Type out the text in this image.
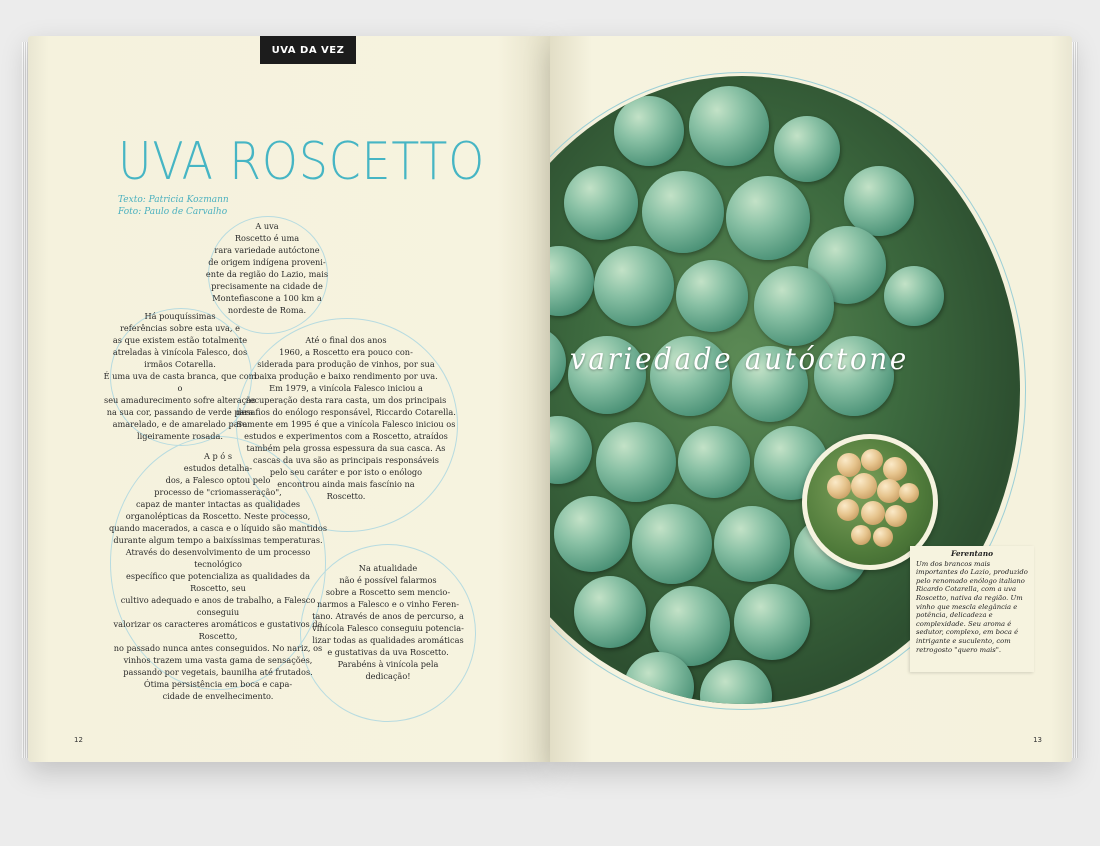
UVA DA VEZ
UVA ROSCETTO
Texto: Patricia Kozmann
Foto: Paulo de Carvalho
A uva
Roscetto é uma
rara variedade autóctone
de origem indígena proveni-
ente da região do Lazio, mais
precisamente na cidade de
Montefiascone a 100 km a
nordeste de Roma.
Há pouquíssimas
referências sobre esta uva, e
as que existem estão totalmente
atreladas à vinícola Falesco, dos
irmãos Cotarella.
É uma uva de casta branca, que com o
seu amadurecimento sofre alteração
na sua cor, passando de verde para
amarelado, e de amarelado para
ligeiramente rosada.
Até o final dos anos
1960, a Roscetto era pouco con-
siderada para produção de vinhos, por sua
baixa produção e baixo rendimento por uva.
Em 1979, a vinícola Falesco iniciou a
recuperação desta rara casta, um dos principais
desafios do enólogo responsável, Riccardo Cotarella.
Somente em 1995 é que a vinícola Falesco iniciou os
estudos e experimentos com a Roscetto, atraídos
também pela grossa espessura da sua casca. As
cascas da uva são as principais responsáveis
pelo seu caráter e por isto o enólogo
encontrou ainda mais fascínio na
Roscetto.
A p ó s
estudos detalha-
dos, a Falesco optou pelo
processo de "criomasseração",
capaz de manter intactas as qualidades
organolépticas da Roscetto. Neste processo,
quando macerados, a casca e o líquido são mantidos
durante algum tempo a baixíssimas temperaturas.
Através do desenvolvimento de um processo tecnológico
específico que potencializa as qualidades da Roscetto, seu
cultivo adequado e anos de trabalho, a Falesco conseguiu
valorizar os caracteres aromáticos e gustativos da Roscetto,
no passado nunca antes conseguidos. No nariz, os
vinhos trazem uma vasta gama de sensações,
passando por vegetais, baunilha até frutados.
Ótima persistência em boca e capa-
cidade de envelhecimento.
Na atualidade
não é possível falarmos
sobre a Roscetto sem mencio-
narmos a Falesco e o vinho Feren-
tano. Através de anos de percurso, a
vinícola Falesco conseguiu potencia-
lizar todas as qualidades aromáticas
e gustativas da uva Roscetto.
Parabéns à vinícola pela
dedicação!
12
variedade autóctone
Ferentano
Um dos brancos mais importantes do Lazio, produzido pelo renomado enólogo italiano Ricardo Cotarella, com a uva Roscetto, nativa da região. Um vinho que mescla elegância e potência, delicadeza e complexidade. Seu aroma é sedutor, complexo, em boca é intrigante e suculento, com retrogosto "quero mais".
13
